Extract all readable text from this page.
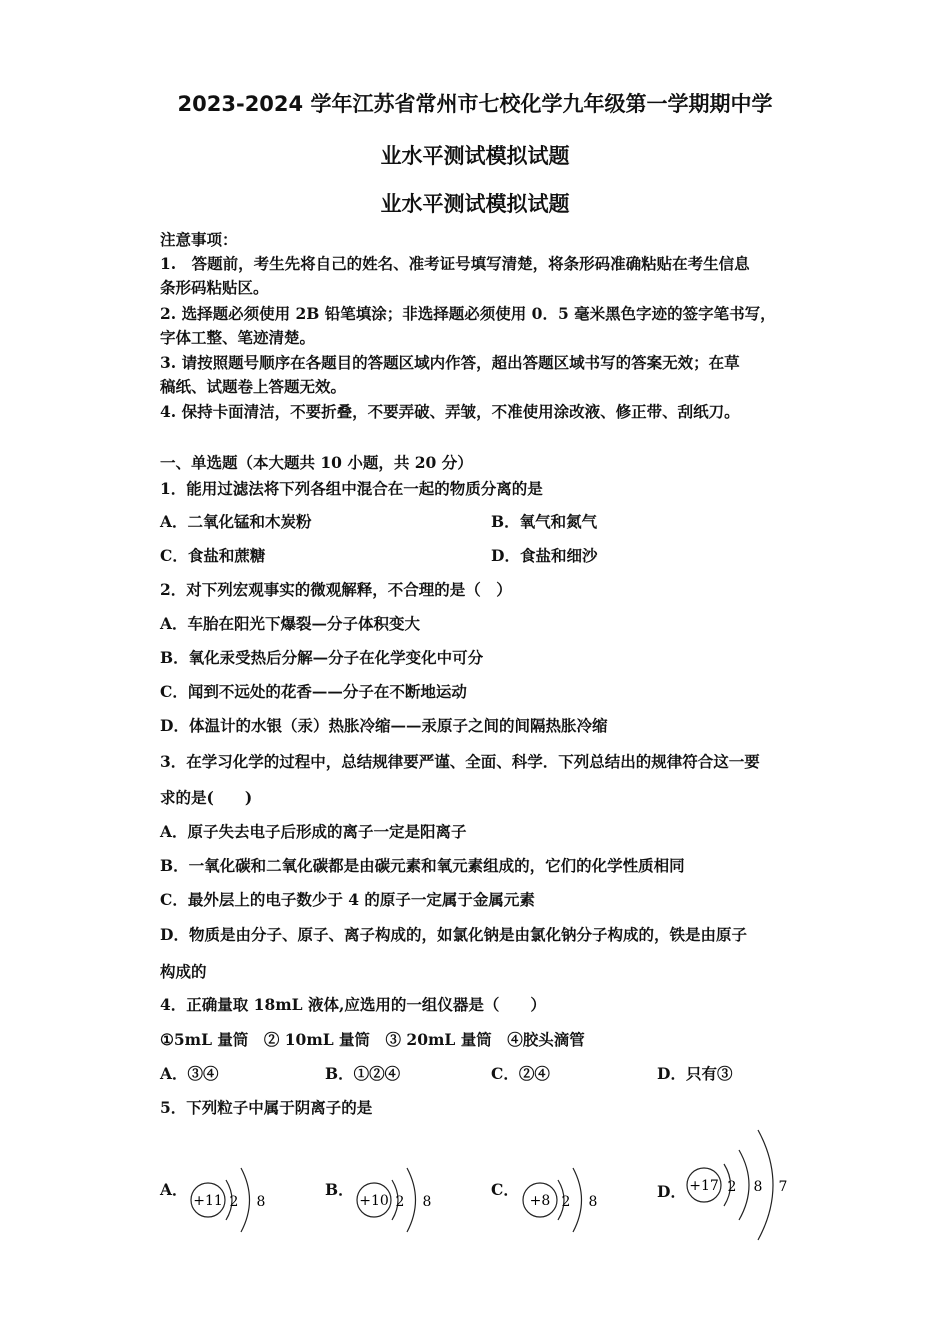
2023-2024 学年江苏省常州市七校化学九年级第一学期期中学
业水平测试模拟试题
业水平测试模拟试题
注意事项：
1.　答题前，考生先将自己的姓名、准考证号填写清楚，将条形码准确粘贴在考生信息
条形码粘贴区。
2. 选择题必须使用 2B 铅笔填涂；非选择题必须使用 0．5 毫米黑色字迹的签字笔书写，
字体工整、笔迹清楚。
3. 请按照题号顺序在各题目的答题区域内作答，超出答题区域书写的答案无效；在草
稿纸、试题卷上答题无效。
4. 保持卡面清洁，不要折叠，不要弄破、弄皱，不准使用涂改液、修正带、刮纸刀。
一、单选题（本大题共 10 小题，共 20 分）
1．能用过滤法将下列各组中混合在一起的物质分离的是
A．二氧化锰和木炭粉	B．氧气和氮气
C．食盐和蔗糖	D．食盐和细沙
2．对下列宏观事实的微观解释，不合理的是（　）
A．车胎在阳光下爆裂—分子体积变大
B．氧化汞受热后分解—分子在化学变化中可分
C．闻到不远处的花香——分子在不断地运动
D．体温计的水银（汞）热胀冷缩——汞原子之间的间隔热胀冷缩
3．在学习化学的过程中，总结规律要严谨、全面、科学．下列总结出的规律符合这一要
求的是(　　)
A．原子失去电子后形成的离子一定是阳离子
B．一氧化碳和二氧化碳都是由碳元素和氧元素组成的，它们的化学性质相同
C．最外层上的电子数少于 4 的原子一定属于金属元素
D．物质是由分子、原子、离子构成的，如氯化钠是由氯化钠分子构成的，铁是由原子
构成的
4．正确量取 18mL 液体,应选用的一组仪器是（　　）
①5mL 量筒　② 10mL 量筒　③ 20mL 量筒　④胶头滴管
A．③④	B．①②④	C．②④	D．只有③
5．下列粒子中属于阴离子的是
A．
+11 2 8
B．
+10 2 8
C．
+8 2 8
D． +17 2 8 7
